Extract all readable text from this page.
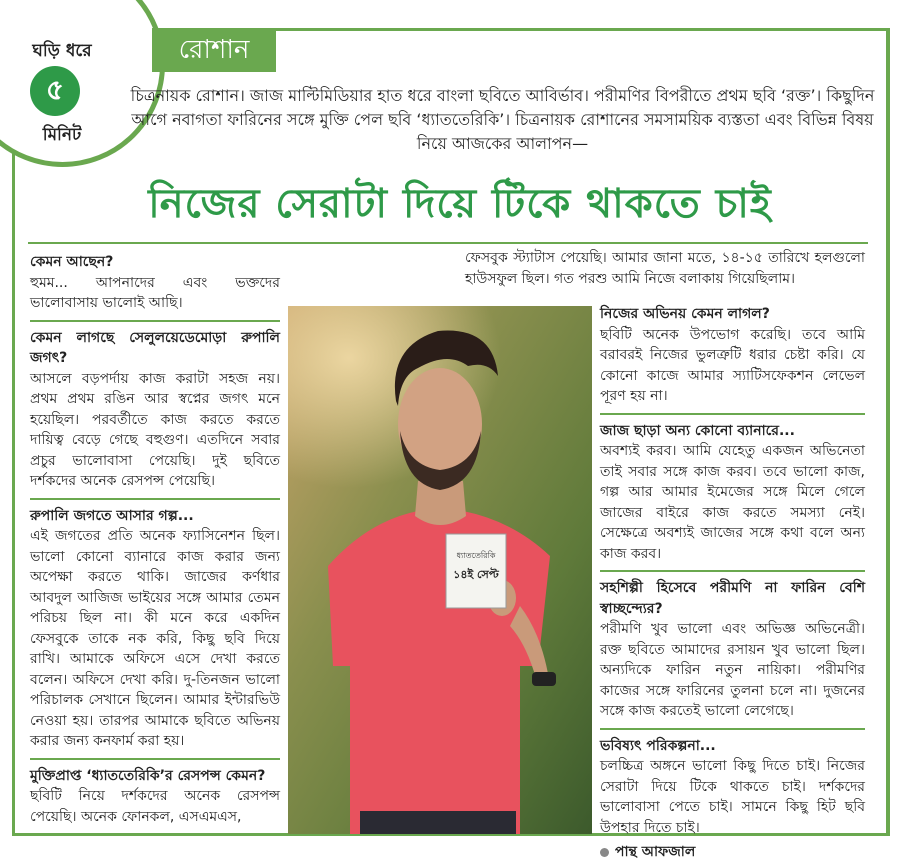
ঘড়ি ধরে
৫
মিনিট
রোশান
চিত্রনায়ক রোশান। জাজ মাল্টিমিডিয়ার হাত ধরে বাংলা ছবিতে আবির্ভাব। পরীমণির বিপরীতে প্রথম ছবি ‘রক্ত’। কিছুদিন আগে নবাগতা ফারিনের সঙ্গে মুক্তি পেল ছবি ‘ধ্যাততেরিকি’। চিত্রনায়ক রোশানের সমসাময়িক ব্যস্ততা এবং বিভিন্ন বিষয় নিয়ে আজকের আলাপন—
নিজের সেরাটা দিয়ে টিকে থাকতে চাই
কেমন আছেন?
হুমম... আপনাদের এবং ভক্তদের ভালোবাসায় ভালোই আছি।
কেমন লাগছে সেলুলয়েডেমোড়া রুপালি জগৎ?
আসলে বড়পর্দায় কাজ করাটা সহজ নয়। প্রথম প্রথম রঙিন আর স্বপ্নের জগৎ মনে হয়েছিল। পরবর্তীতে কাজ করতে করতে দায়িত্ব বেড়ে গেছে বহুগুণ। এতদিনে সবার প্রচুর ভালোবাসা পেয়েছি। দুই ছবিতে দর্শকদের অনেক রেসপন্স পেয়েছি।
রুপালি জগতে আসার গল্প...
এই জগতের প্রতি অনেক ফ্যাসিনেশন ছিল। ভালো কোনো ব্যানারে কাজ করার জন্য অপেক্ষা করতে থাকি। জাজের কর্ণধার আবদুল আজিজ ভাইয়ের সঙ্গে আমার তেমন পরিচয় ছিল না। কী মনে করে একদিন ফেসবুকে তাকে নক করি, কিছু ছবি দিয়ে রাখি। আমাকে অফিসে এসে দেখা করতে বলেন। অফিসে দেখা করি। দু-তিনজন ভালো পরিচালক সেখানে ছিলেন। আমার ইন্টারভিউ নেওয়া হয়। তারপর আমাকে ছবিতে অভিনয় করার জন্য কনফার্ম করা হয়।
মুক্তিপ্রাপ্ত ‘ধ্যাততেরিকি’র রেসপন্স কেমন?
ছবিটি নিয়ে দর্শকদের অনেক রেসপন্স পেয়েছি। অনেক ফোনকল, এসএমএস,
ফেসবুক স্ট্যাটাস পেয়েছি। আমার জানা মতে, ১৪-১৫ তারিখে হলগুলো হাউসফুল ছিল। গত পরশু আমি নিজে বলাকায় গিয়েছিলাম।
ধ্যাততেরিকি
১৪ই সেপ্ট
নিজের অভিনয় কেমন লাগল?
ছবিটি অনেক উপভোগ করেছি। তবে আমি বরাবরই নিজের ভুলত্রুটি ধরার চেষ্টা করি। যে কোনো কাজে আমার স্যাটিসফেকশন লেভেল পূরণ হয় না।
জাজ ছাড়া অন্য কোনো ব্যানারে...
অবশ্যই করব। আমি যেহেতু একজন অভিনেতা তাই সবার সঙ্গে কাজ করব। তবে ভালো কাজ, গল্প আর আমার ইমেজের সঙ্গে মিলে গেলে জাজের বাইরে কাজ করতে সমস্যা নেই। সেক্ষেত্রে অবশ্যই জাজের সঙ্গে কথা বলে অন্য কাজ করব।
সহশিল্পী হিসেবে পরীমণি না ফারিন বেশি স্বাচ্ছন্দ্যের?
পরীমণি খুব ভালো এবং অভিজ্ঞ অভিনেত্রী। রক্ত ছবিতে আমাদের রসায়ন খুব ভালো ছিল। অন্যদিকে ফারিন নতুন নায়িকা। পরীমণির কাজের সঙ্গে ফারিনের তুলনা চলে না। দুজনের সঙ্গে কাজ করতেই ভালো লেগেছে।
ভবিষ্যৎ পরিকল্পনা...
চলচ্চিত্র অঙ্গনে ভালো কিছু দিতে চাই। নিজের সেরাটা দিয়ে টিকে থাকতে চাই। দর্শকদের ভালোবাসা পেতে চাই। সামনে কিছু হিট ছবি উপহার দিতে চাই।
পান্থ আফজাল
